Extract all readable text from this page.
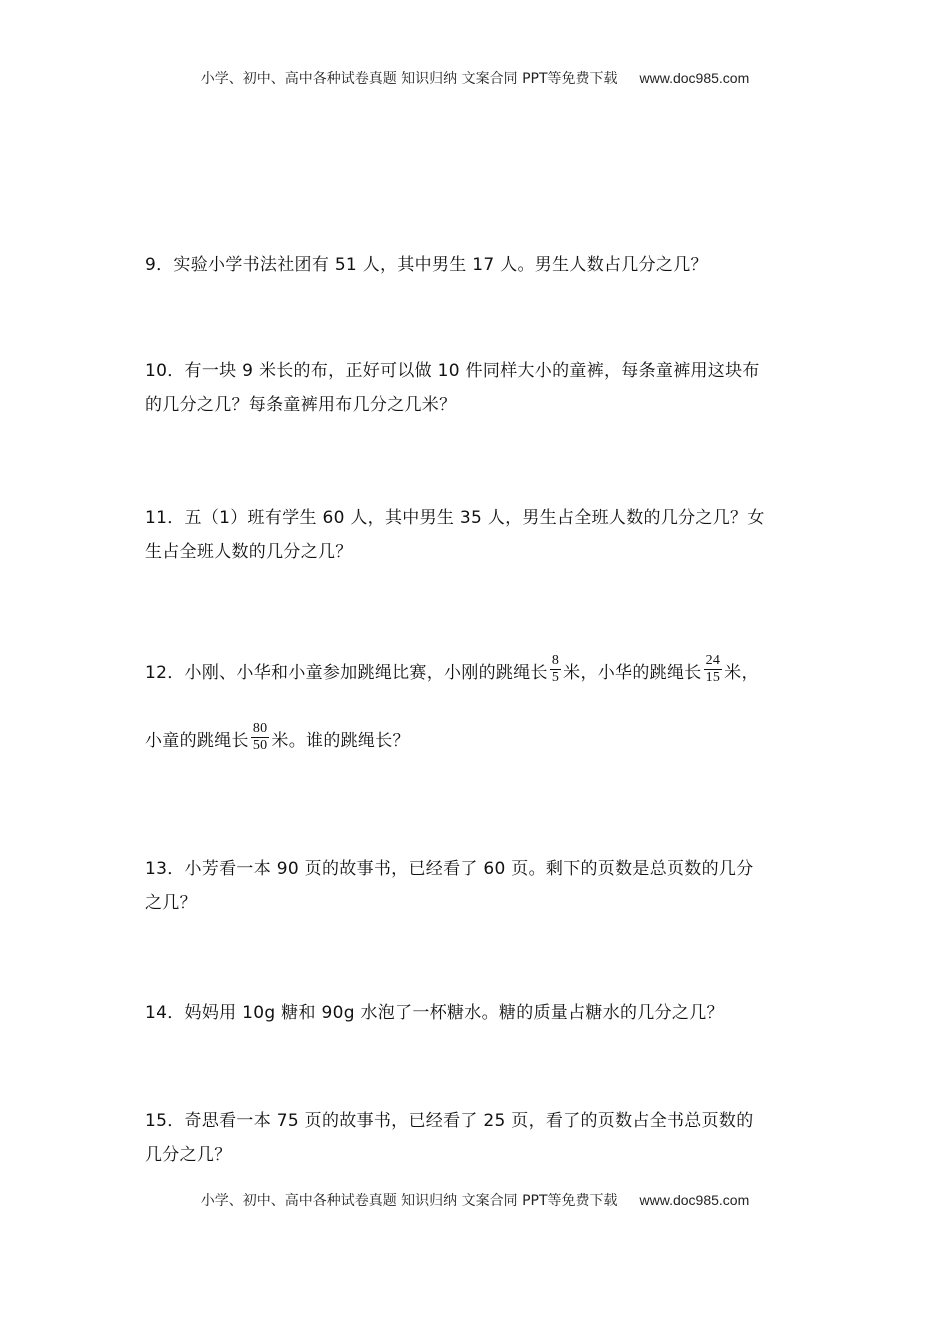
小学、初中、高中各种试卷真题 知识归纳 文案合同 PPT等免费下载 www.doc985.com
9．实验小学书法社团有 51 人，其中男生 17 人。男生人数占几分之几？
10．有一块 9 米长的布，正好可以做 10 件同样大小的童裤，每条童裤用这块布
的几分之几？每条童裤用布几分之几米？
11．五（1）班有学生 60 人，其中男生 35 人，男生占全班人数的几分之几？女
生占全班人数的几分之几？
12．小刚、小华和小童参加跳绳比赛，小刚的跳绳长 $\frac{8}{5}$ 米，小华的跳绳长 $\frac{24}{15}$ 米，
小童的跳绳长 $\frac{80}{50}$ 米。谁的跳绳长？
13．小芳看一本 90 页的故事书，已经看了 60 页。剩下的页数是总页数的几分
之几？
14．妈妈用 10g 糖和 90g 水泡了一杯糖水。糖的质量占糖水的几分之几？
15．奇思看一本 75 页的故事书，已经看了 25 页，看了的页数占全书总页数的
几分之几？
小学、初中、高中各种试卷真题 知识归纳 文案合同 PPT等免费下载 www.doc985.com
